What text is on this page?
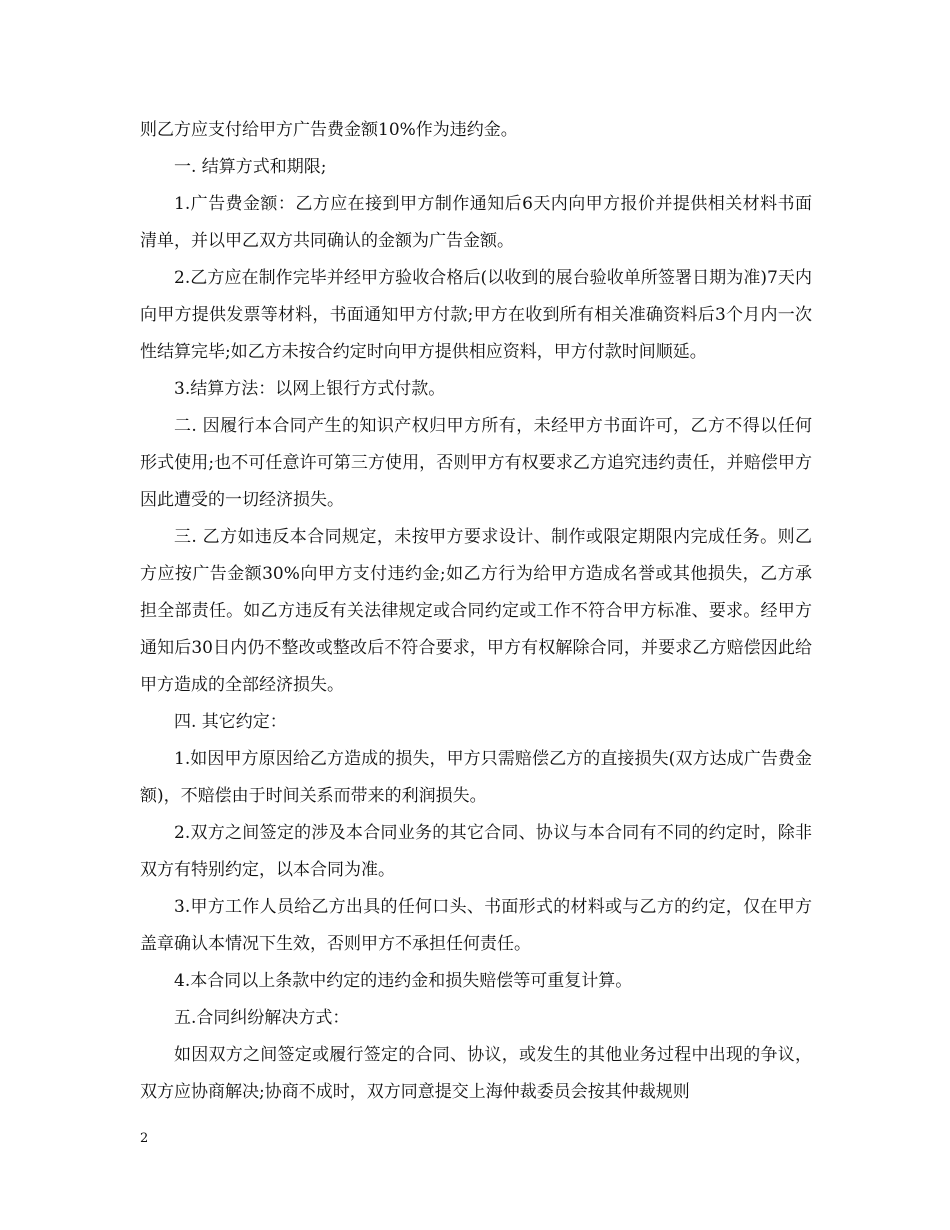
则乙方应支付给甲方广告费金额10%作为违约金。

一. 结算方式和期限;

1.广告费金额：乙方应在接到甲方制作通知后6天内向甲方报价并提供相关材料书面清单，并以甲乙双方共同确认的金额为广告金额。

2.乙方应在制作完毕并经甲方验收合格后(以收到的展台验收单所签署日期为准)7天内向甲方提供发票等材料，书面通知甲方付款;甲方在收到所有相关准确资料后3个月内一次性结算完毕;如乙方未按合约定时向甲方提供相应资料，甲方付款时间顺延。

3.结算方法：以网上银行方式付款。

二. 因履行本合同产生的知识产权归甲方所有，未经甲方书面许可，乙方不得以任何形式使用;也不可任意许可第三方使用，否则甲方有权要求乙方追究违约责任，并赔偿甲方因此遭受的一切经济损失。

三. 乙方如违反本合同规定，未按甲方要求设计、制作或限定期限内完成任务。则乙方应按广告金额30%向甲方支付违约金;如乙方行为给甲方造成名誉或其他损失，乙方承担全部责任。如乙方违反有关法律规定或合同约定或工作不符合甲方标准、要求。经甲方通知后30日内仍不整改或整改后不符合要求，甲方有权解除合同，并要求乙方赔偿因此给甲方造成的全部经济损失。

四. 其它约定：

1.如因甲方原因给乙方造成的损失，甲方只需赔偿乙方的直接损失(双方达成广告费金额)，不赔偿由于时间关系而带来的利润损失。

2.双方之间签定的涉及本合同业务的其它合同、协议与本合同有不同的约定时，除非双方有特别约定，以本合同为准。

3.甲方工作人员给乙方出具的任何口头、书面形式的材料或与乙方的约定，仅在甲方盖章确认本情况下生效，否则甲方不承担任何责任。

4.本合同以上条款中约定的违约金和损失赔偿等可重复计算。

五.合同纠纷解决方式：

如因双方之间签定或履行签定的合同、协议，或发生的其他业务过程中出现的争议，双方应协商解决;协商不成时，双方同意提交上海仲裁委员会按其仲裁规则

2
